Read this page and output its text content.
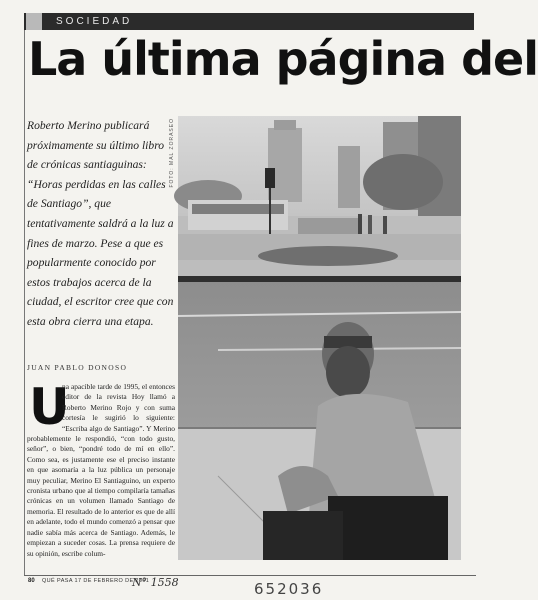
SOCIEDAD
La última página del

Roberto Merino publicará próximamente su último libro de crónicas santiaguinas: “Horas perdidas en las calles de Santiago”, que tentativamente saldrá a la luz a fines de marzo. Pese a que es popularmente conocido por estos trabajos acerca de la ciudad, el escritor cree que con esta obra cierra una etapa.

FOTO: MAL ZORASEO
JUAN PABLO DONOSO
U
na apacible tarde de 1995, el entonces editor de la revista Hoy llamó a Roberto Merino Rojo y con suma cortesía le sugirió lo siguiente: “Escriba algo de Santiago”. Y Merino probablemente le respondió, “con todo gusto, señor”, o bien, “pondré todo de mí en ello”. Como sea, es justamente ese el preciso instante en que asomaría a la luz pública un personaje muy peculiar, Merino El Santiaguino, un experto cronista urbano que al tiempo compilaría tamañas crónicas en un volumen llamado Santiago de memoria. El resultado de lo anterior es que de allí en adelante, todo el mundo comenzó a pensar que nadie sabía más acerca de Santiago. Además, le empiezan a suceder cosas. La prensa requiere de su opinión, escribe colum-
80 QUÉ PASA 17 DE FEBRERO DE 2001
N° 1558	652036
